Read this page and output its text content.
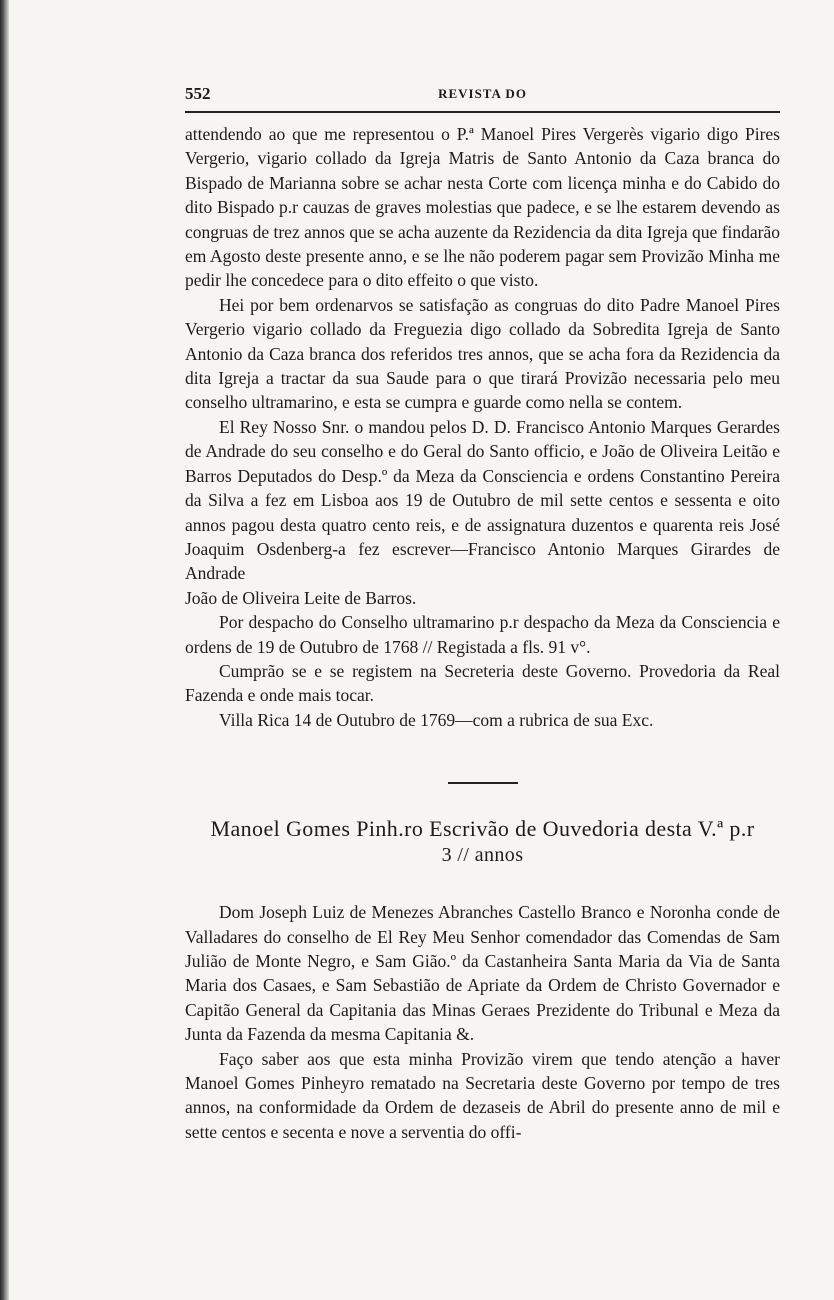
552	REVISTA DO

attendendo ao que me representou o P.ª Manoel Pires Vergerès vigario digo Pires Vergerio, vigario collado da Igreja Matris de Santo Antonio da Caza branca do Bispado de Marianna sobre se achar nesta Corte com licença minha e do Cabido do dito Bispado p.r cauzas de graves molestias que padece, e se lhe estarem devendo as congruas de trez annos que se acha auzente da Rezidencia da dita Igreja que findarão em Agosto deste presente anno, e se lhe não poderem pagar sem Provizão Minha me pedir lhe concedece para o dito effeito o que visto.

Hei por bem ordenarvos se satisfação as congruas do dito Padre Manoel Pires Vergerio vigario collado da Freguezia digo collado da Sobredita Igreja de Santo Antonio da Caza branca dos referidos tres annos, que se acha fora da Rezidencia da dita Igreja a tractar da sua Saude para o que tirará Provizão necessaria pelo meu conselho ultramarino, e esta se cumpra e guarde como nella se contem.

El Rey Nosso Snr. o mandou pelos D. D. Francisco Antonio Marques Gerardes de Andrade do seu conselho e do Geral do Santo officio, e João de Oliveira Leitão e Barros Deputados do Desp.º da Meza da Consciencia e ordens Constantino Pereira da Silva a fez em Lisboa aos 19 de Outubro de mil sette centos e sessenta e oito annos pagou desta quatro cento reis, e de assignatura duzentos e quarenta reis José Joaquim Osdenberg-a fez escrever—Francisco Antonio Marques Girardes de Andrade

João de Oliveira Leite de Barros.

Por despacho do Conselho ultramarino p.r despacho da Meza da Consciencia e ordens de 19 de Outubro de 1768 // Registada a fls. 91 v°.

Cumprão se e se registem na Secreteria deste Governo. Provedoria da Real Fazenda e onde mais tocar.

Villa Rica 14 de Outubro de 1769—com a rubrica de sua Exc.

Manoel Gomes Pinh.ro Escrivão de Ouvedoria desta V.ª p.r
3 // annos

Dom Joseph Luiz de Menezes Abranches Castello Branco e Noronha conde de Valladares do conselho de El Rey Meu Senhor comendador das Comendas de Sam Julião de Monte Negro, e Sam Gião.º da Castanheira Santa Maria da Via de Santa Maria dos Casaes, e Sam Sebastião de Apriate da Ordem de Christo Governador e Capitão General da Capitania das Minas Geraes Prezidente do Tribunal e Meza da Junta da Fazenda da mesma Capitania &.

Faço saber aos que esta minha Provizão virem que tendo atenção a haver Manoel Gomes Pinheyro rematado na Secretaria deste Governo por tempo de tres annos, na conformidade da Ordem de dezaseis de Abril do presente anno de mil e sette centos e secenta e nove a serventia do offi-
